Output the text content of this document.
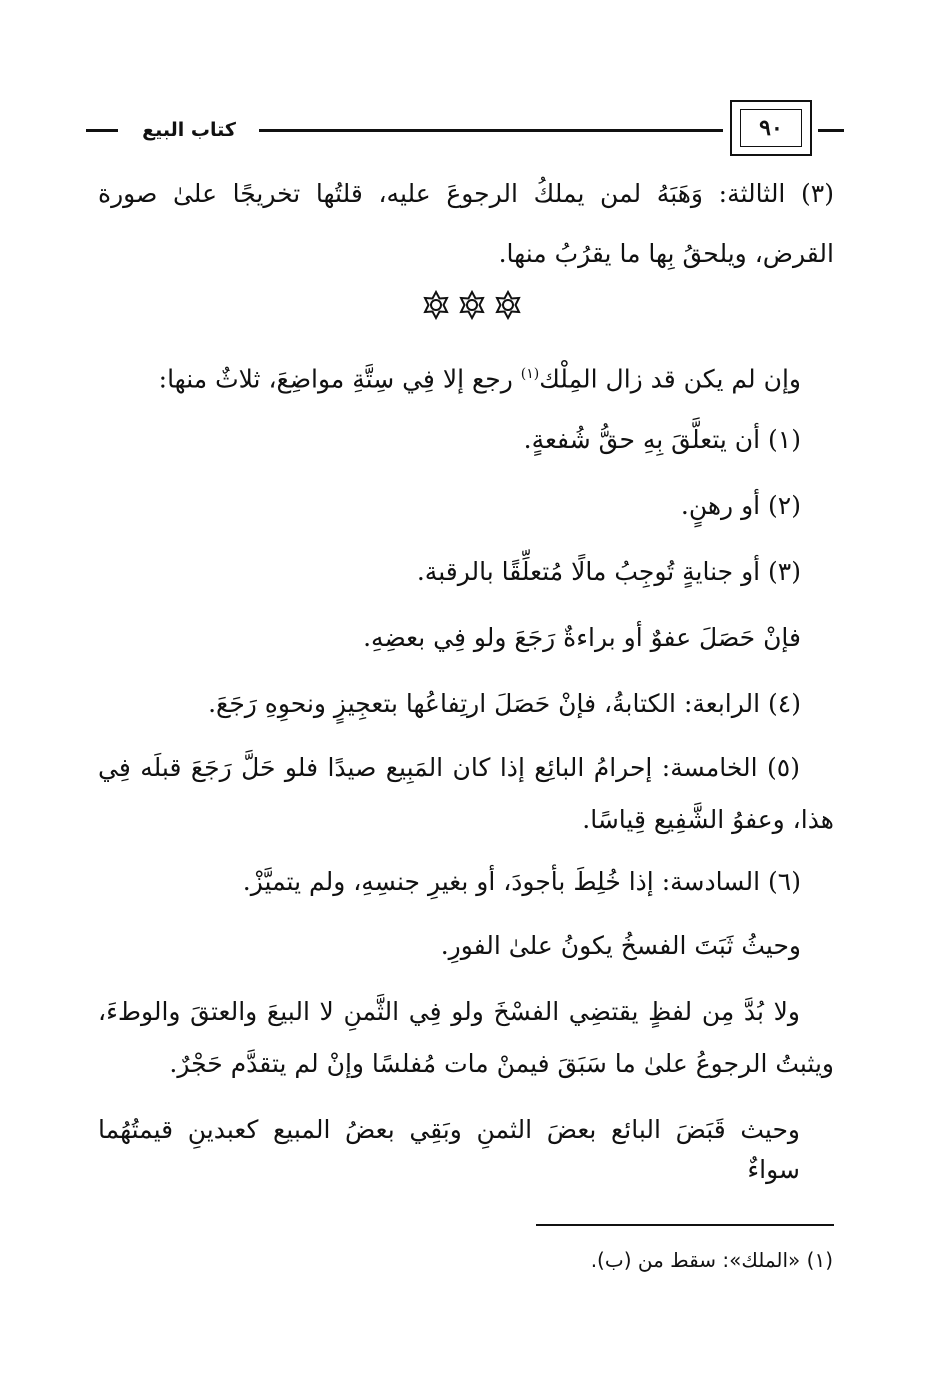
٩٠
كتاب البيع
(٣) الثالثة: وَهَبَهُ لمن يملكُ الرجوعَ عليه، قلتُها تخريجًا علىٰ صورة
القرض، ويلحقُ بِها ما يقرُبُ منها.
وإن لم يكن قد زال المِلْك$^{(١)}$ رجع إلا فِي سِتَّةِ مواضِعَ، ثلاثٌ منها:
(١) أن يتعلَّقَ بِهِ حقُّ شُفعةٍ.
(٢) أو رهنٍ.
(٣) أو جنايةٍ تُوجِبُ مالًا مُتعلِّقًا بالرقبة.
فإنْ حَصَلَ عفوٌ أو براءةٌ رَجَعَ ولو فِي بعضِهِ.
(٤) الرابعة: الكتابةُ، فإنْ حَصَلَ ارتِفاعُها بتعجِيزٍ ونحوِهِ رَجَعَ.
(٥) الخامسة: إحرامُ البائِع إذا كان المَبِيع صيدًا فلو حَلَّ رَجَعَ قبلَه فِي
هذا، وعفوُ الشَّفِيع قِياسًا.
(٦) السادسة: إذا خُلِطَ بأجودَ، أو بغيرِ جنسِهِ، ولم يتميَّزْ.
وحيثُ ثَبَتَ الفسخُ يكونُ علىٰ الفورِ.
ولا بُدَّ مِن لفظٍ يقتضِي الفسْخَ ولو فِي الثَّمنِ لا البيعَ والعتقَ والوطءَ،
ويثبتُ الرجوعُ علىٰ ما سَبَقَ فيمنْ مات مُفلسًا وإنْ لم يتقدَّم حَجْرٌ.
وحيث قَبَضَ البائع بعضَ الثمنِ وبَقِي بعضُ المبيع كعبدينِ قيمتُهُما سواءٌ
(١) «الملك»: سقط من (ب).
